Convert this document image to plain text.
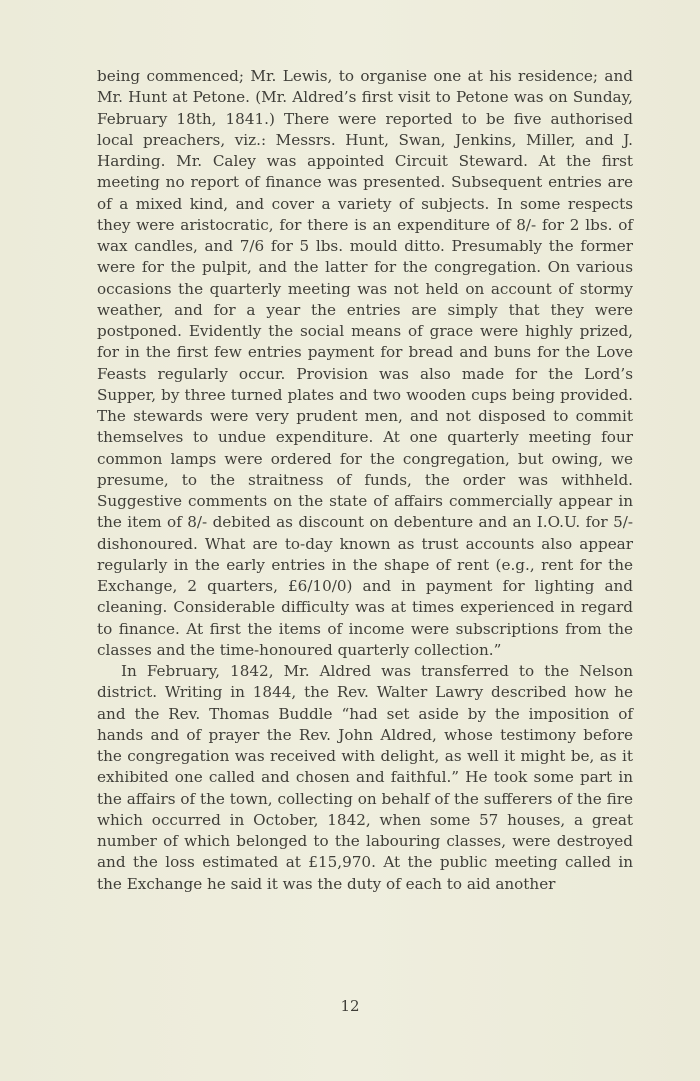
being commenced; Mr. Lewis, to organise one at his residence; and Mr. Hunt at Petone. (Mr. Aldred’s first visit to Petone was on Sunday, February 18th, 1841.) There were reported to be five authorised local preachers, viz.: Messrs. Hunt, Swan, Jenkins, Miller, and J. Harding. Mr. Caley was appointed Circuit Steward. At the first meeting no report of finance was presented. Subsequent entries are of a mixed kind, and cover a variety of subjects. In some respects they were aristocratic, for there is an expenditure of 8/- for 2 lbs. of wax candles, and 7/6 for 5 lbs. mould ditto. Presumably the former were for the pulpit, and the latter for the congregation. On various occasions the quarterly meeting was not held on account of stormy weather, and for a year the entries are simply that they were postponed. Evidently the social means of grace were highly prized, for in the first few entries payment for bread and buns for the Love Feasts regularly occur. Provision was also made for the Lord’s Supper, by three turned plates and two wooden cups being provided. The stewards were very prudent men, and not disposed to commit themselves to undue expenditure. At one quarterly meeting four common lamps were ordered for the congregation, but owing, we presume, to the straitness of funds, the order was withheld. Suggestive comments on the state of affairs commercially appear in the item of 8/- debited as discount on debenture and an I.O.U. for 5/- dishonoured. What are to-day known as trust accounts also appear regularly in the early entries in the shape of rent (e.g., rent for the Exchange, 2 quarters, £6/10/0) and in payment for lighting and cleaning. Considerable difficulty was at times experienced in regard to finance. At first the items of income were subscriptions from the classes and the time-honoured quarterly collection.”

In February, 1842, Mr. Aldred was transferred to the Nelson district. Writing in 1844, the Rev. Walter Lawry described how he and the Rev. Thomas Buddle “had set aside by the imposition of hands and of prayer the Rev. John Aldred, whose testimony before the congregation was received with delight, as well it might be, as it exhibited one called and chosen and faithful.” He took some part in the affairs of the town, collecting on behalf of the sufferers of the fire which occurred in October, 1842, when some 57 houses, a great number of which belonged to the labouring classes, were destroyed and the loss estimated at £15,970. At the public meeting called in the Exchange he said it was the duty of each to aid another

12
